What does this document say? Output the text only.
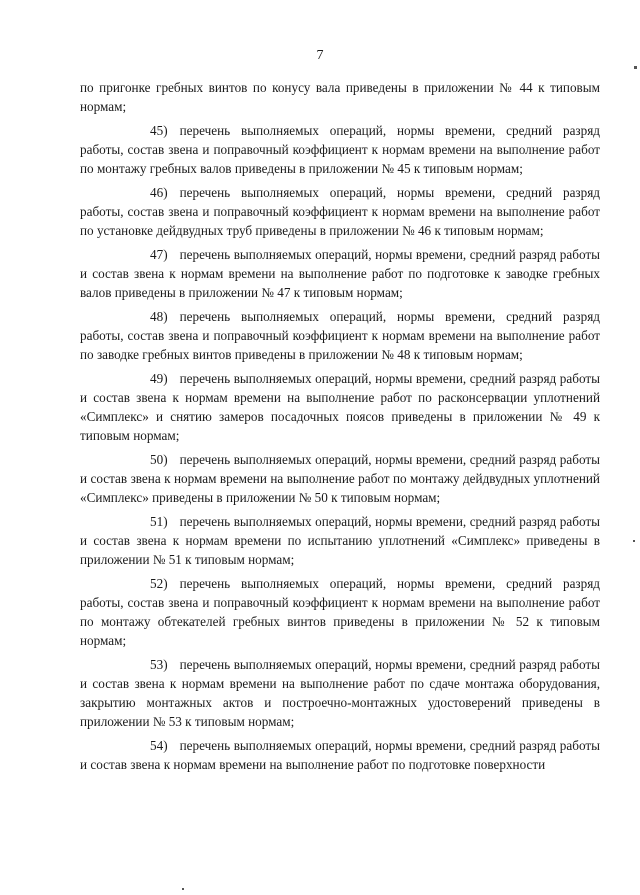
7

по пригонке гребных винтов по конусу вала приведены в приложении № 44 к типовым нормам;

45) перечень выполняемых операций, нормы времени, средний разряд работы, состав звена и поправочный коэффициент к нормам времени на выполнение работ по монтажу гребных валов приведены в приложении № 45 к типовым нормам;

46) перечень выполняемых операций, нормы времени, средний разряд работы, состав звена и поправочный коэффициент к нормам времени на выполнение работ по установке дейдвудных труб приведены в приложении № 46 к типовым нормам;

47) перечень выполняемых операций, нормы времени, средний разряд работы и состав звена к нормам времени на выполнение работ по подготовке к заводке гребных валов приведены в приложении № 47 к типовым нормам;

48) перечень выполняемых операций, нормы времени, средний разряд работы, состав звена и поправочный коэффициент к нормам времени на выполнение работ по заводке гребных винтов приведены в приложении № 48 к типовым нормам;

49) перечень выполняемых операций, нормы времени, средний разряд работы и состав звена к нормам времени на выполнение работ по расконсервации уплотнений «Симплекс» и снятию замеров посадочных поясов приведены в приложении № 49 к типовым нормам;

50) перечень выполняемых операций, нормы времени, средний разряд работы и состав звена к нормам времени на выполнение работ по монтажу дейдвудных уплотнений «Симплекс» приведены в приложении № 50 к типовым нормам;

51) перечень выполняемых операций, нормы времени, средний разряд работы и состав звена к нормам времени по испытанию уплотнений «Симплекс» приведены в приложении № 51 к типовым нормам;

52) перечень выполняемых операций, нормы времени, средний разряд работы, состав звена и поправочный коэффициент к нормам времени на выполнение работ по монтажу обтекателей гребных винтов приведены в приложении № 52 к типовым нормам;

53) перечень выполняемых операций, нормы времени, средний разряд работы и состав звена к нормам времени на выполнение работ по сдаче монтажа оборудования, закрытию монтажных актов и построечно-монтажных удостоверений приведены в приложении № 53 к типовым нормам;

54) перечень выполняемых операций, нормы времени, средний разряд работы и состав звена к нормам времени на выполнение работ по подготовке поверхности
